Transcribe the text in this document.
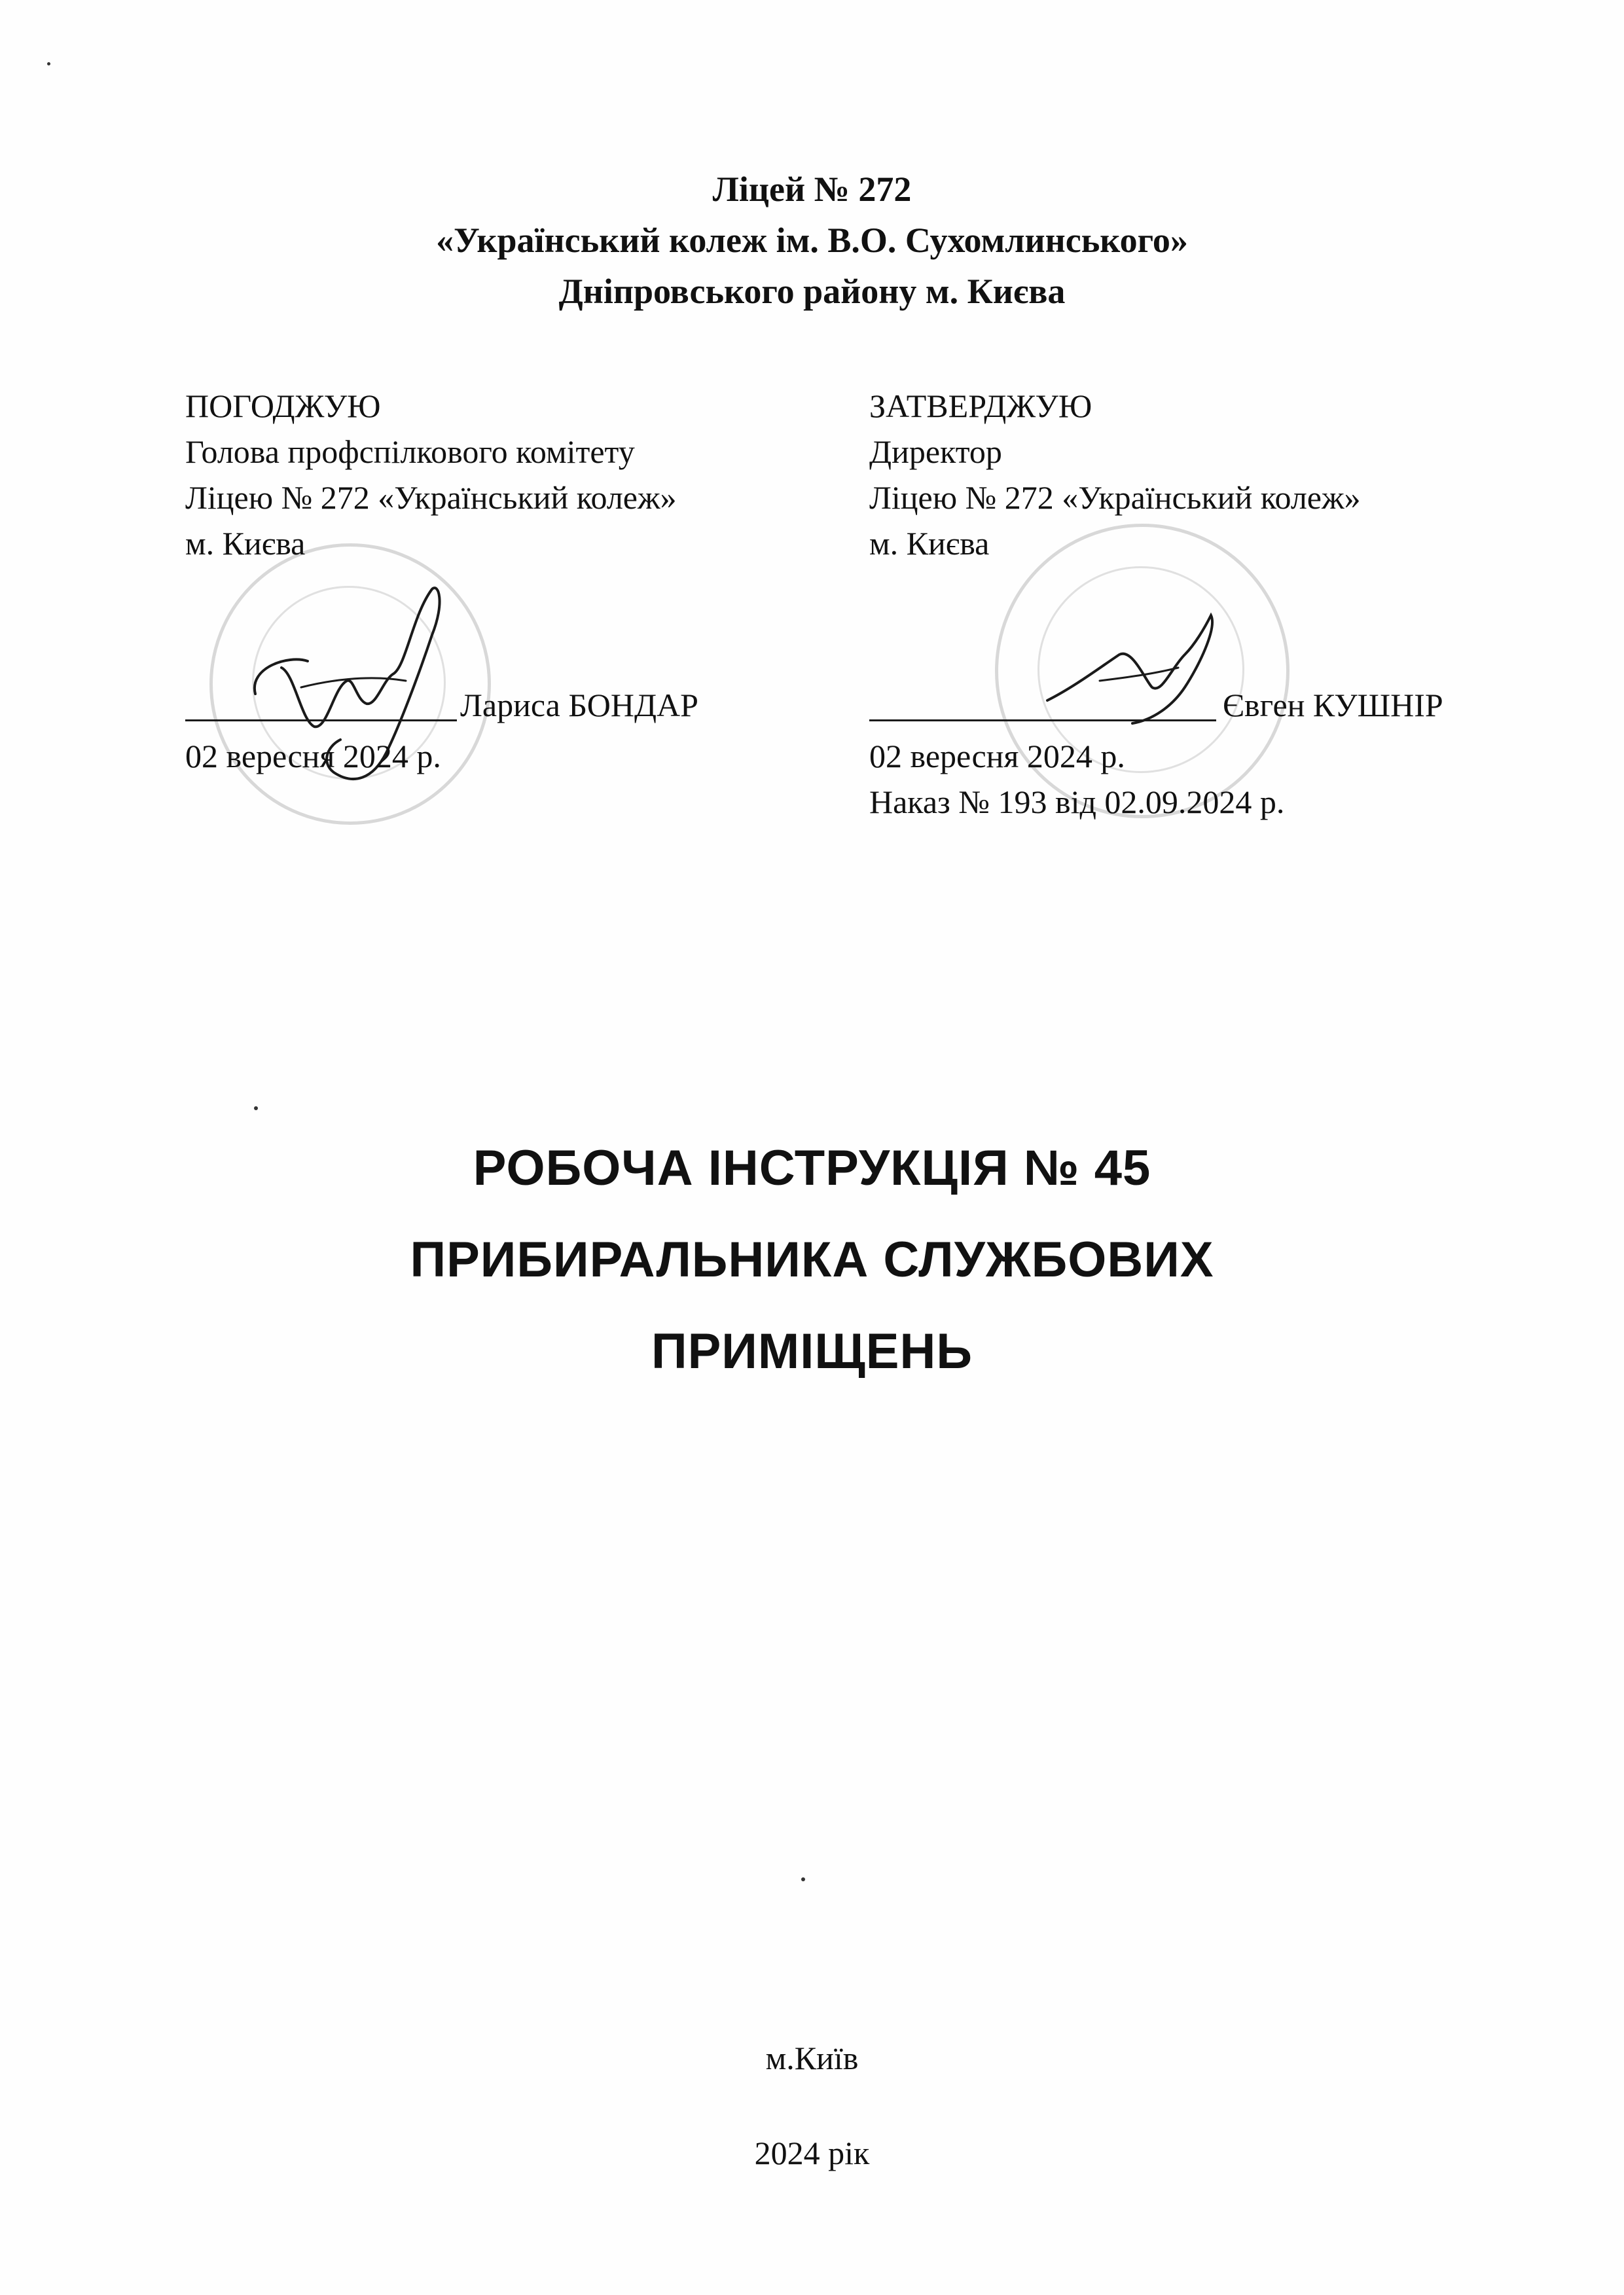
Ліцей № 272
«Український колеж ім. В.О. Сухомлинського»
Дніпровського району м. Києва
ПОГОДЖУЮ
Голова профспілкового комітету
Ліцею № 272 «Український колеж»
м. Києва
Лариса БОНДАР
02 вересня 2024 р.
ЗАТВЕРДЖУЮ
Директор
Ліцею № 272 «Український колеж»
м. Києва
Євген КУШНІР
02 вересня 2024 р.
Наказ № 193 від 02.09.2024 р.
РОБОЧА ІНСТРУКЦІЯ № 45
ПРИБИРАЛЬНИКА СЛУЖБОВИХ
ПРИМІЩЕНЬ
м.Київ
2024 рік
